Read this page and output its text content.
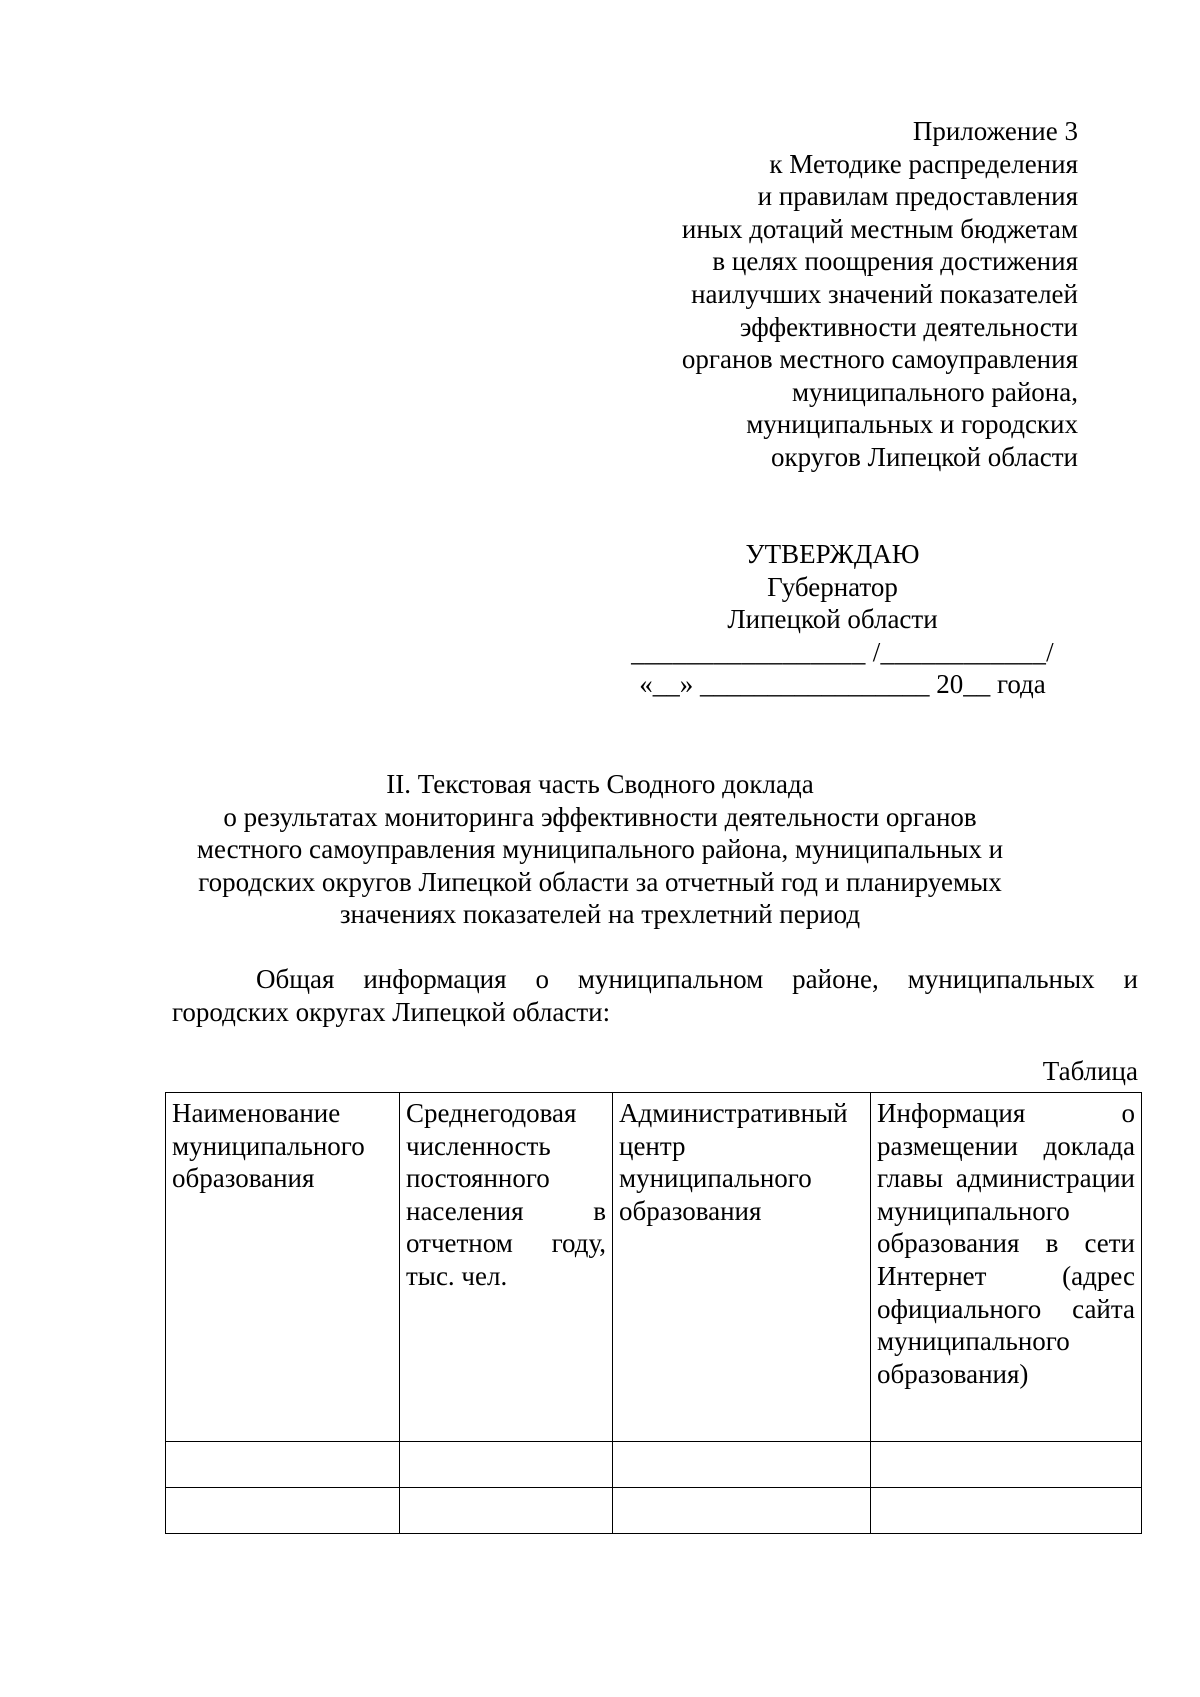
Приложение 3
к Методике распределения
и правилам предоставления
иных дотаций местным бюджетам
в целях поощрения достижения
наилучших значений показателей
эффективности деятельности
органов местного самоуправления
муниципального района,
муниципальных и городских
округов Липецкой области
УТВЕРЖДАЮ
Губернатор
Липецкой области
_________________ /____________/
«__» _________________ 20__ года
II. Текстовая часть Сводного доклада
о результатах мониторинга эффективности деятельности органов
местного самоуправления муниципального района, муниципальных и
городских округов Липецкой области за отчетный год и планируемых
значениях показателей на трехлетний период
Общая информация о муниципальном районе, муниципальных и
городских округах Липецкой области:
Таблица
Наименование муниципального образования	Среднегодовая численность постоянного населения в отчетном году, тыс. чел.	Административный центр муниципального образования	Информация о размещении доклада главы администрации муниципального образования в сети Интернет (адрес официального сайта муниципального образования)
